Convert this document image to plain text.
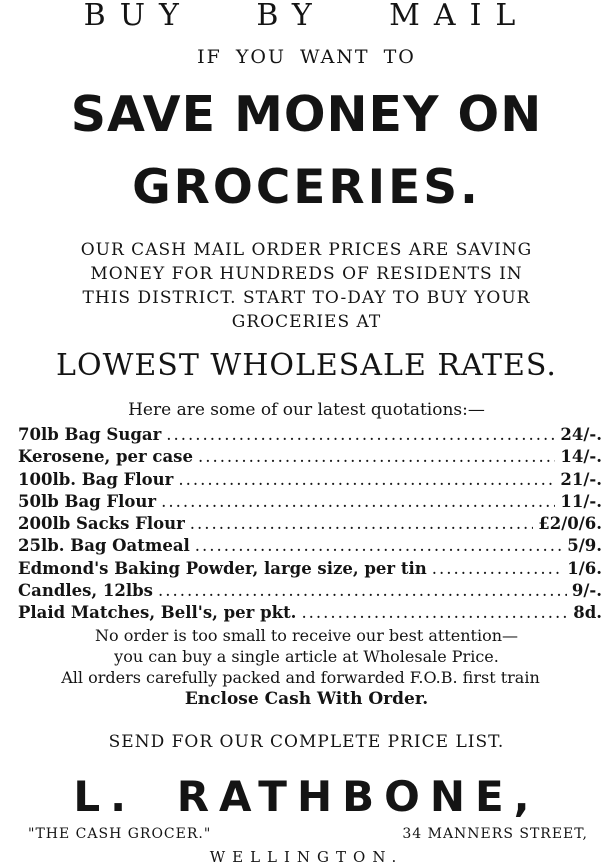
BUY BY MAIL
IF YOU WANT TO
SAVE MONEY ON
GROCERIES.
OUR CASH MAIL ORDER PRICES ARE SAVING
MONEY FOR HUNDREDS OF RESIDENTS IN
THIS DISTRICT. START TO-DAY TO BUY YOUR
GROCERIES AT
LOWEST WHOLESALE RATES.
Here are some of our latest quotations:—
70lb Bag Sugar .....	24/-.
Kerosene, per case .....	14/-.
100lb. Bag Flour .....	21/-.
50lb Bag Flour .....	11/-.
200lb Sacks Flour .....	£2/0/6.
25lb. Bag Oatmeal .....	5/9.
Edmond's Baking Powder, large size, per tin .....	1/6.
Candles, 12lbs .....	9/-.
Plaid Matches, Bell's, per pkt. .....	8d.
No order is too small to receive our best attention—
you can buy a single article at Wholesale Price.
All orders carefully packed and forwarded F.O.B. first train
Enclose Cash With Order.
SEND FOR OUR COMPLETE PRICE LIST.
L. RATHBONE,
"THE CASH GROCER."	34 MANNERS STREET,
WELLINGTON.
